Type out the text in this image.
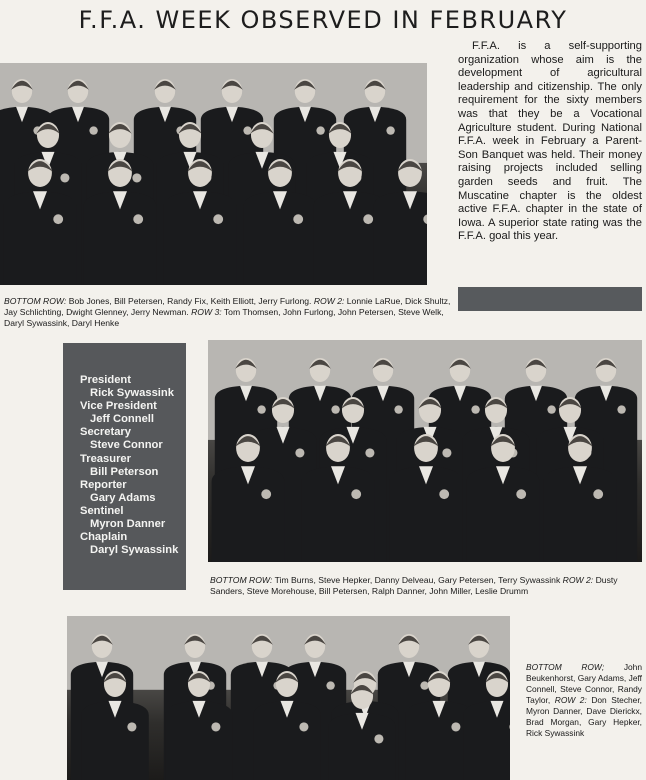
F.F.A. WEEK OBSERVED IN FEBRUARY

F.F.A. is a self-supporting organization whose aim is the development of agricultural leadership and citizenship. The only requirement for the sixty members was that they be a Vocational Agriculture student. During National F.F.A. week in February a Parent-Son Banquet was held. Their money raising projects included selling garden seeds and fruit. The Muscatine chapter is the oldest active F.F.A. chapter in the state of Iowa. A superior state rating was the F.F.A. goal this year.

BOTTOM ROW: Bob Jones, Bill Petersen, Randy Fix, Keith Elliott, Jerry Furlong. ROW 2: Lonnie LaRue, Dick Shultz, Jay Schlichting, Dwight Glenney, Jerry Newman. ROW 3: Tom Thomsen, John Furlong, John Petersen, Steve Welk, Daryl Sywassink, Daryl Henke

President
Rick Sywassink
Vice President
Jeff Connell
Secretary
Steve Connor
Treasurer
Bill Peterson
Reporter
Gary Adams
Sentinel
Myron Danner
Chaplain
Daryl Sywassink

BOTTOM ROW: Tim Burns, Steve Hepker, Danny Delveau, Gary Petersen, Terry Sywassink ROW 2: Dusty Sanders, Steve Morehouse, Bill Petersen, Ralph Danner, John Miller, Leslie Drumm

BOTTOM ROW; John Beukenhorst, Gary Adams, Jeff Connell, Steve Connor, Randy Taylor, ROW 2: Don Stecher, Myron Danner, Dave Dierickx, Brad Morgan, Gary Hepker, Rick Sywassink
